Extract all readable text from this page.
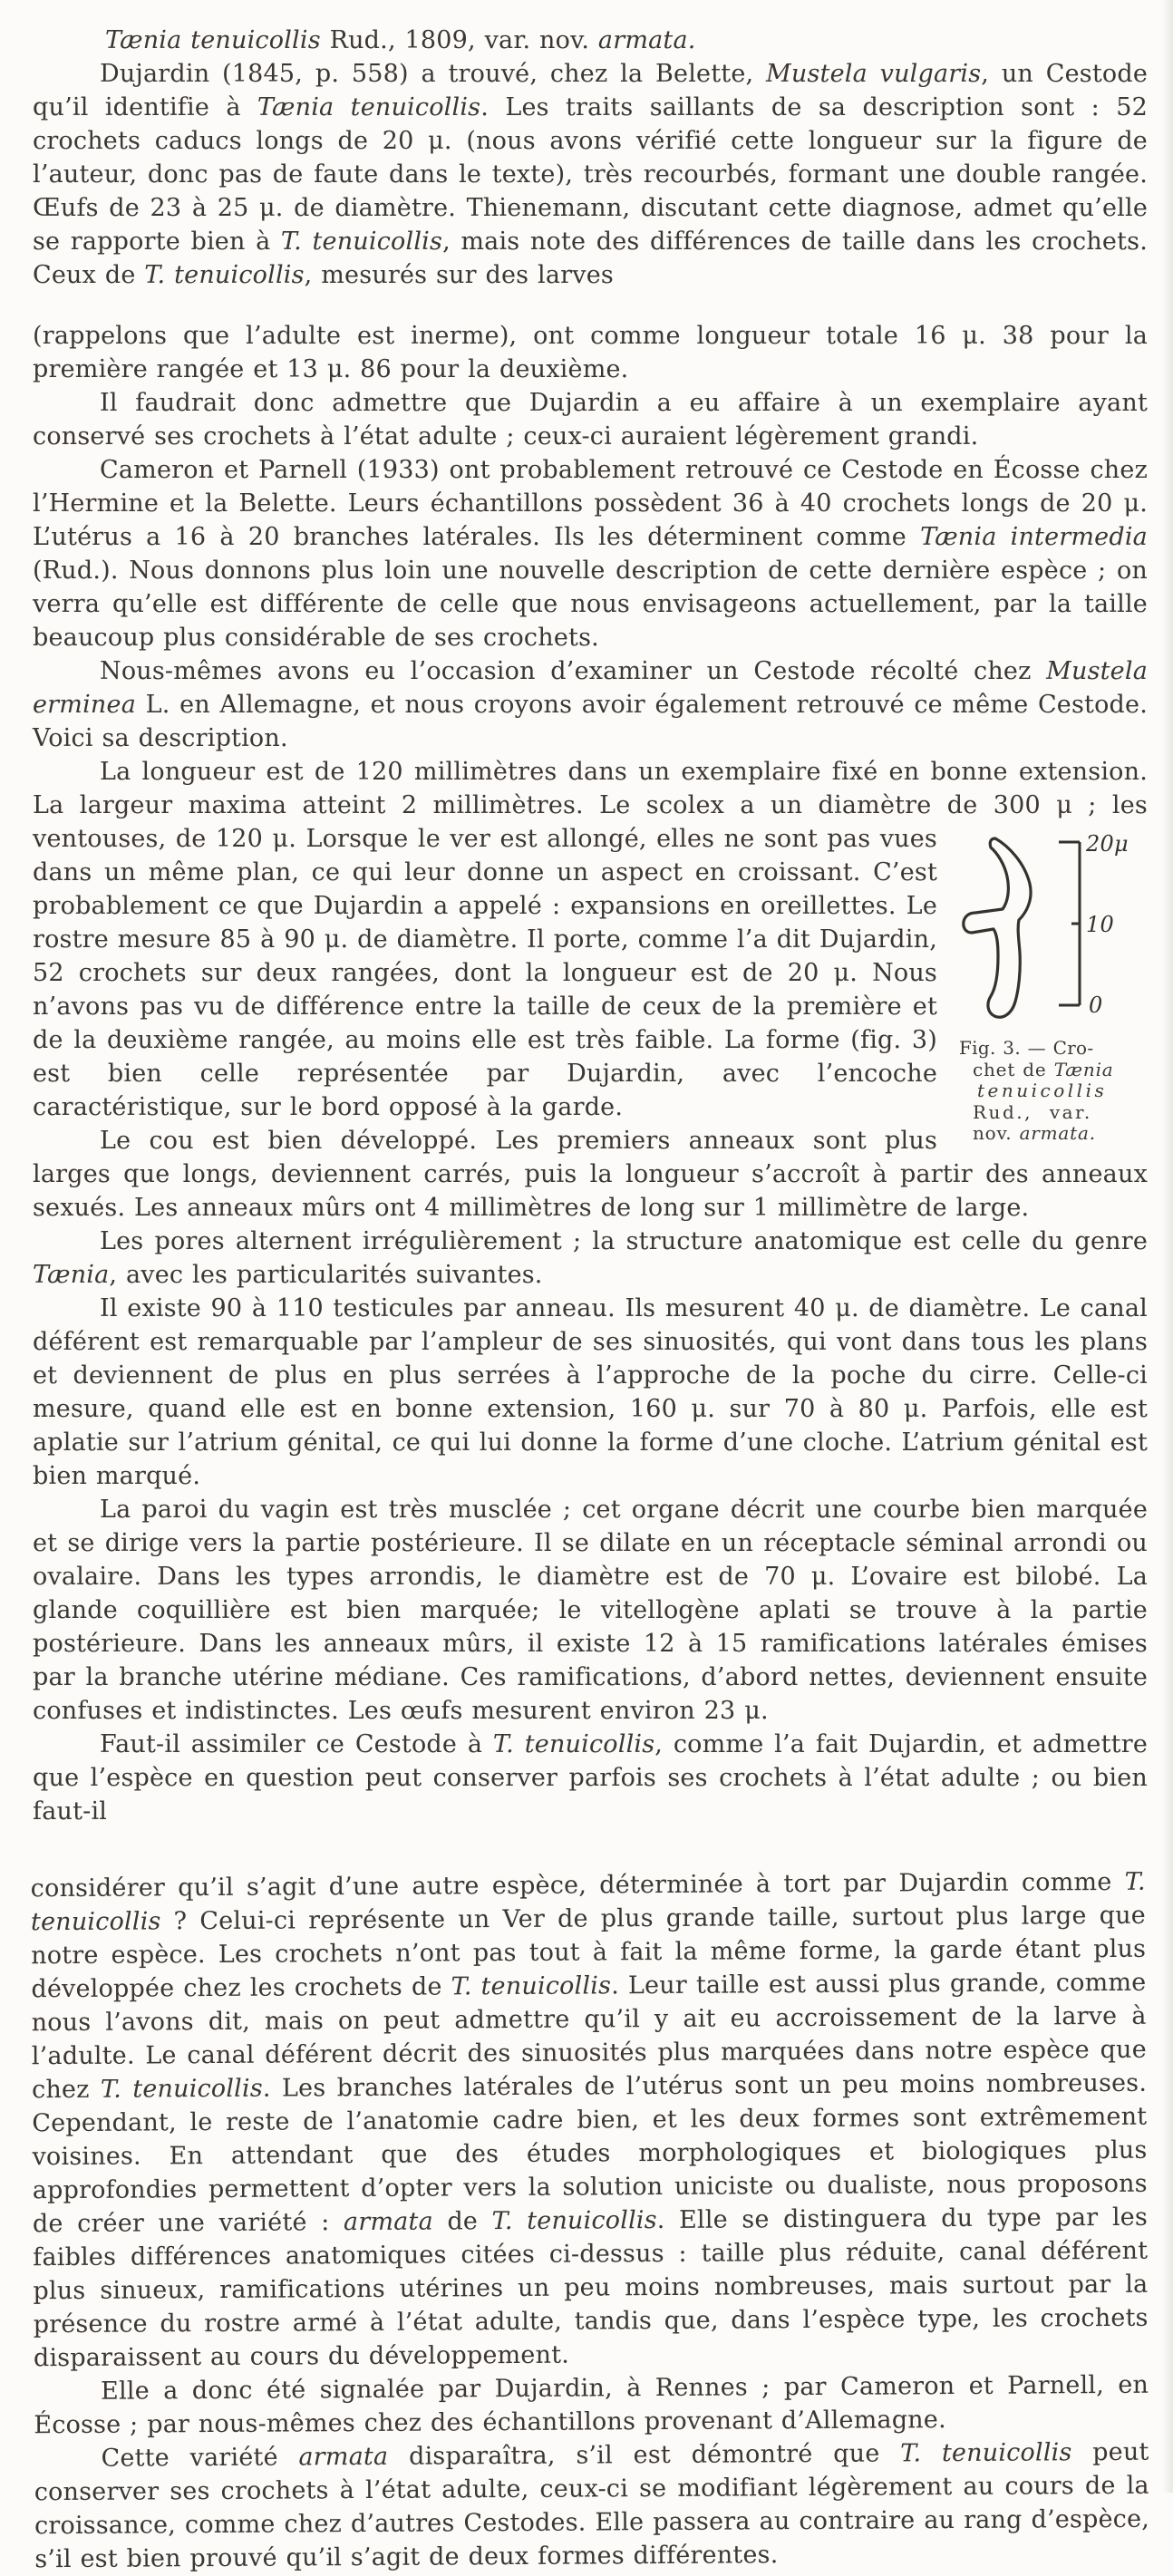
Tænia tenuicollis Rud., 1809, var. nov. armata.
Dujardin (1845, p. 558) a trouvé, chez la Belette, Mustela vulgaris, un Cestode qu’il identifie à Tænia tenuicollis. Les traits saillants de sa description sont : 52 crochets caducs longs de 20 μ. (nous avons vérifié cette longueur sur la figure de l’auteur, donc pas de faute dans le texte), très recourbés, formant une double rangée. Œufs de 23 à 25 μ. de diamètre. Thienemann, discutant cette diagnose, admet qu’elle se rapporte bien à T. tenuicollis, mais note des différences de taille dans les crochets. Ceux de T. tenuicollis, mesurés sur des larves
(rappelons que l’adulte est inerme), ont comme longueur totale 16 μ. 38 pour la première rangée et 13 μ. 86 pour la deuxième.
Il faudrait donc admettre que Dujardin a eu affaire à un exemplaire ayant conservé ses crochets à l’état adulte ; ceux-ci auraient légèrement grandi.
Cameron et Parnell (1933) ont probablement retrouvé ce Cestode en Écosse chez l’Hermine et la Belette. Leurs échantillons possèdent 36 à 40 crochets longs de 20 μ. L’utérus a 16 à 20 branches latérales. Ils les déterminent comme Tænia intermedia (Rud.). Nous donnons plus loin une nouvelle description de cette dernière espèce ; on verra qu’elle est différente de celle que nous envisageons actuellement, par la taille beaucoup plus considérable de ses crochets.
Nous-mêmes avons eu l’occasion d’examiner un Cestode récolté chez Mustela erminea L. en Allemagne, et nous croyons avoir également retrouvé ce même Cestode. Voici sa description.
La longueur est de 120 millimètres dans un exemplaire fixé en bonne extension. La largeur maxima atteint 2 millimètres. Le scolex a un diamètre de 300 μ ; les ventouses, de	20μ
10
0
Fig. 3. — Cro-
chet de Tænia
tenuicollis
Rud., var.
nov. armata.
120 μ. Lorsque le ver est allongé, elles ne sont pas vues dans un même plan, ce qui leur donne un aspect en croissant. C’est probablement ce que Dujardin a appelé : expansions en oreillettes. Le rostre mesure 85 à 90 μ. de diamètre. Il porte, comme l’a dit Dujardin, 52 crochets sur deux rangées, dont la longueur est de 20 μ. Nous n’avons pas vu de différence entre la taille de ceux de la première et de la deuxième rangée, au moins elle est très faible. La forme (fig. 3) est bien celle représentée par Dujardin, avec l’encoche caractéristique, sur le bord opposé à la garde.
Le cou est bien développé. Les premiers anneaux sont plus larges que longs, deviennent carrés, puis la longueur s’accroît à partir des anneaux sexués. Les anneaux mûrs ont 4 millimètres de long sur 1 millimètre de large.
Les pores alternent irrégulièrement ; la structure anatomique est celle du genre Tænia, avec les particularités suivantes.
Il existe 90 à 110 testicules par anneau. Ils mesurent 40 μ. de diamètre. Le canal déférent est remarquable par l’ampleur de ses sinuosités, qui vont dans tous les plans et deviennent de plus en plus serrées à l’approche de la poche du cirre. Celle-ci mesure, quand elle est en bonne extension, 160 μ. sur 70 à 80 μ. Parfois, elle est aplatie sur l’atrium génital, ce qui lui donne la forme d’une cloche. L’atrium génital est bien marqué.
La paroi du vagin est très musclée ; cet organe décrit une courbe bien marquée et se dirige vers la partie postérieure. Il se dilate en un réceptacle séminal arrondi ou ovalaire. Dans les types arrondis, le diamètre est de 70 μ. L’ovaire est bilobé. La glande coquillière est bien marquée; le vitellogène aplati se trouve à la partie postérieure. Dans les anneaux mûrs, il existe 12 à 15 ramifications latérales émises par la branche utérine médiane. Ces ramifications, d’abord nettes, deviennent ensuite confuses et indistinctes. Les œufs mesurent environ 23 μ.
Faut-il assimiler ce Cestode à T. tenuicollis, comme l’a fait Dujardin, et admettre que l’espèce en question peut conserver parfois ses crochets à l’état adulte ; ou bien faut-il
considérer qu’il s’agit d’une autre espèce, déterminée à tort par Dujardin comme T. tenuicollis ? Celui-ci représente un Ver de plus grande taille, surtout plus large que notre espèce. Les crochets n’ont pas tout à fait la même forme, la garde étant plus développée chez les crochets de T. tenuicollis. Leur taille est aussi plus grande, comme nous l’avons dit, mais on peut admettre qu’il y ait eu accroissement de la larve à l’adulte. Le canal déférent décrit des sinuosités plus marquées dans notre espèce que chez T. tenuicollis. Les branches latérales de l’utérus sont un peu moins nombreuses. Cependant, le reste de l’anatomie cadre bien, et les deux formes sont extrêmement voisines. En attendant que des études morphologiques et biologiques plus approfondies permettent d’opter vers la solution uniciste ou dualiste, nous proposons de créer une variété : armata de T. tenuicollis. Elle se distinguera du type par les faibles différences anatomiques citées ci-dessus : taille plus réduite, canal déférent plus sinueux, ramifications utérines un peu moins nombreuses, mais surtout par la présence du rostre armé à l’état adulte, tandis que, dans l’espèce type, les crochets disparaissent au cours du développement.
Elle a donc été signalée par Dujardin, à Rennes ; par Cameron et Parnell, en Écosse ; par nous-mêmes chez des échantillons provenant d’Allemagne.
Cette variété armata disparaîtra, s’il est démontré que T. tenuicollis peut conserver ses crochets à l’état adulte, ceux-ci se modifiant légèrement au cours de la croissance, comme chez d’autres Cestodes. Elle passera au contraire au rang d’espèce, s’il est bien prouvé qu’il s’agit de deux formes différentes.
